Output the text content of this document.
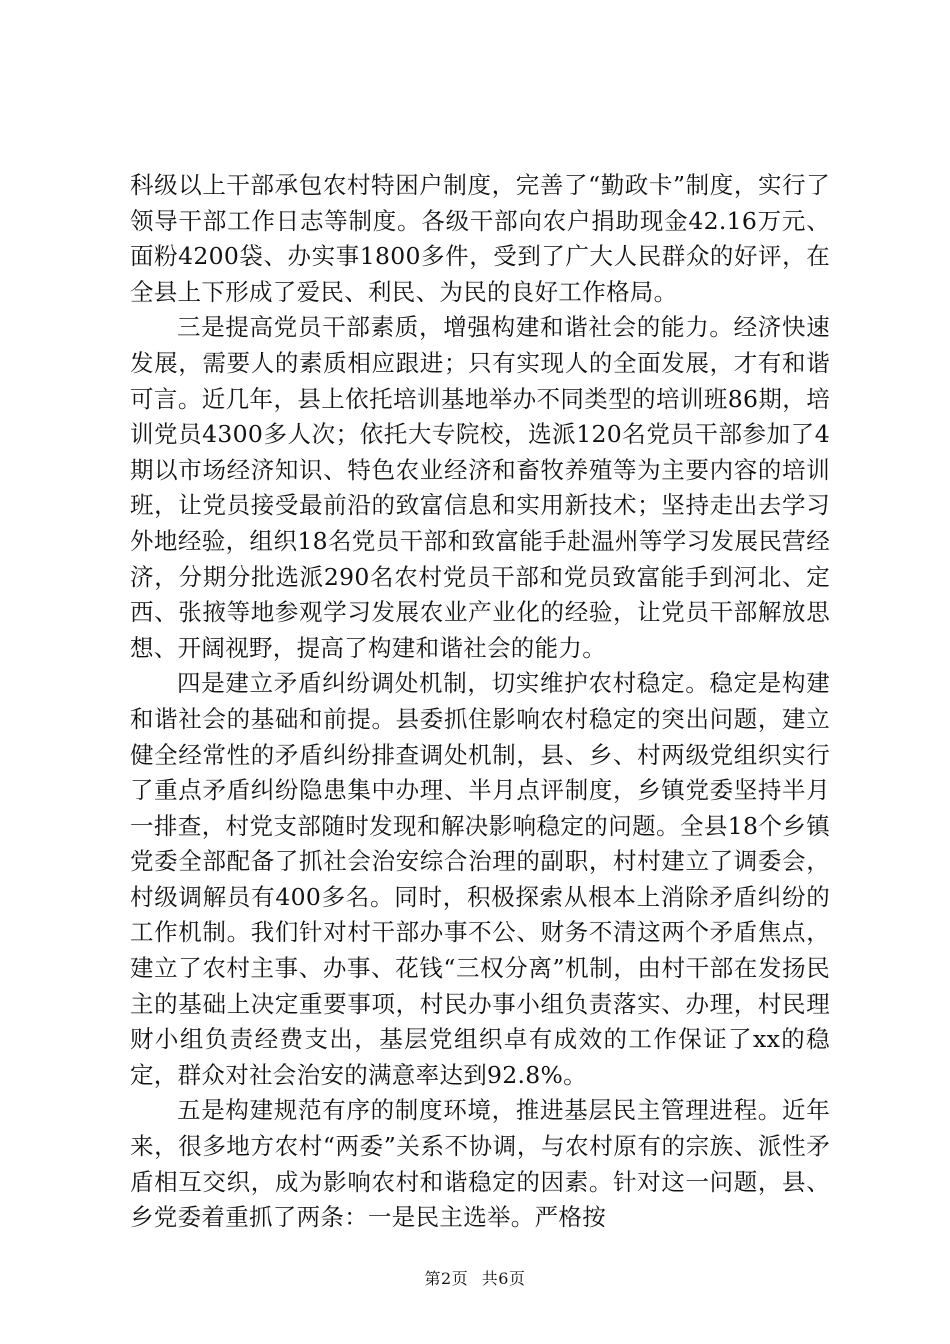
科级以上干部承包农村特困户制度，完善了“勤政卡”制度，实行了领导干部工作日志等制度。各级干部向农户捐助现金42.16万元、面粉4200袋、办实事1800多件，受到了广大人民群众的好评，在全县上下形成了爱民、利民、为民的良好工作格局。

三是提高党员干部素质，增强构建和谐社会的能力。经济快速发展，需要人的素质相应跟进；只有实现人的全面发展，才有和谐可言。近几年，县上依托培训基地举办不同类型的培训班86期，培训党员4300多人次；依托大专院校，选派120名党员干部参加了4期以市场经济知识、特色农业经济和畜牧养殖等为主要内容的培训班，让党员接受最前沿的致富信息和实用新技术；坚持走出去学习外地经验，组织18名党员干部和致富能手赴温州等学习发展民营经济，分期分批选派290名农村党员干部和党员致富能手到河北、定西、张掖等地参观学习发展农业产业化的经验，让党员干部解放思想、开阔视野，提高了构建和谐社会的能力。

四是建立矛盾纠纷调处机制，切实维护农村稳定。稳定是构建和谐社会的基础和前提。县委抓住影响农村稳定的突出问题，建立健全经常性的矛盾纠纷排查调处机制，县、乡、村两级党组织实行了重点矛盾纠纷隐患集中办理、半月点评制度，乡镇党委坚持半月一排查，村党支部随时发现和解决影响稳定的问题。全县18个乡镇党委全部配备了抓社会治安综合治理的副职，村村建立了调委会，村级调解员有400多名。同时，积极探索从根本上消除矛盾纠纷的工作机制。我们针对村干部办事不公、财务不清这两个矛盾焦点，建立了农村主事、办事、花钱“三权分离”机制，由村干部在发扬民主的基础上决定重要事项，村民办事小组负责落实、办理，村民理财小组负责经费支出，基层党组织卓有成效的工作保证了xx的稳定，群众对社会治安的满意率达到92.8%。

五是构建规范有序的制度环境，推进基层民主管理进程。近年来，很多地方农村“两委”关系不协调，与农村原有的宗族、派性矛盾相互交织，成为影响农村和谐稳定的因素。针对这一问题，县、乡党委着重抓了两条：一是民主选举。严格按

第2页 共6页
